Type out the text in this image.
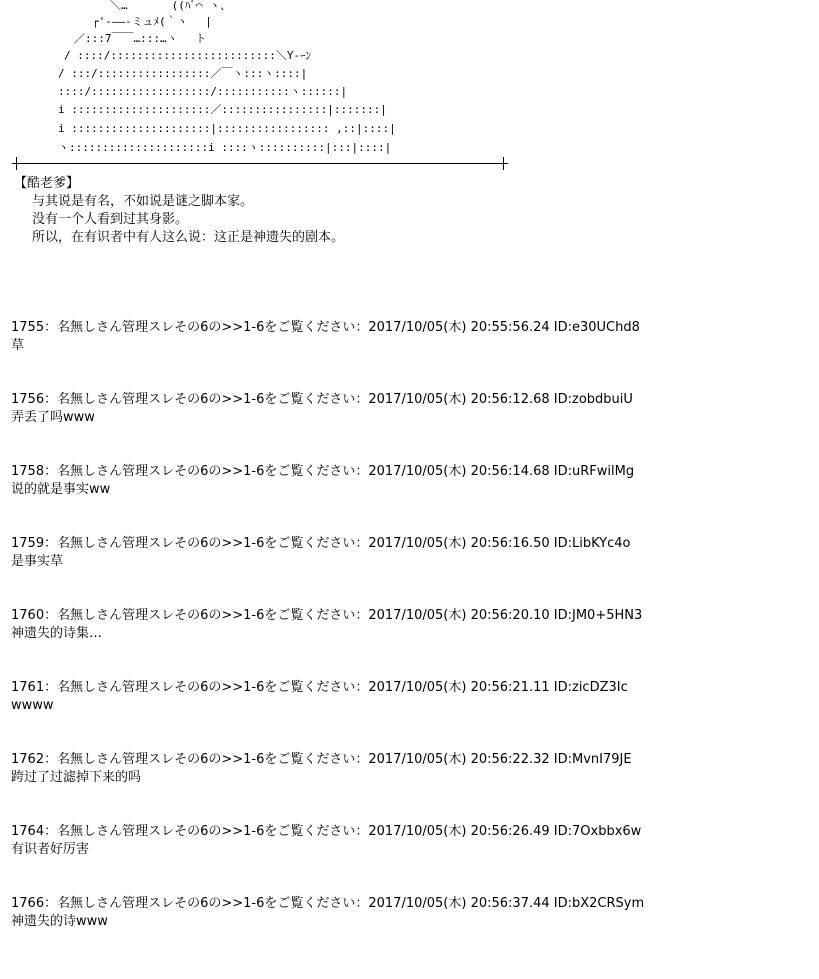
＼…　　　　((ﾊﾞ⌒ ヽ、
┌'‐――‐ミュﾒ(｀ヽ　 |
／:::7￣￣…:::…ヽ　 ト
/ ::::/:::::::::::::::::::::::::＼Y‐ｰﾝ
/ :::/:::::::::::::::::／￣ヽ:::ヽ::::|
::::/::::::::::::::::::/:::::::::::ヽ::::::|
i :::::::::::::::::::::／::::::::::::::::|:::::::|
i :::::::::::::::::::::|::::::::::::::::: ,::|::::|
ヽ:::::::::::::::::::::i ::::ヽ::::::::::|:::|::::|
【酷老爹】
与其说是有名，不如说是谜之脚本家。
没有一个人看到过其身影。
所以，在有识者中有人这么说：这正是神遗失的剧本。
1755：名無しさん管理スレその6の>>1-6をご覧ください：2017/10/05(木) 20:55:56.24 ID:e30UChd8
草
1756：名無しさん管理スレその6の>>1-6をご覧ください：2017/10/05(木) 20:56:12.68 ID:zobdbuiU
弄丢了吗www
1758：名無しさん管理スレその6の>>1-6をご覧ください：2017/10/05(木) 20:56:14.68 ID:uRFwilMg
说的就是事实ww
1759：名無しさん管理スレその6の>>1-6をご覧ください：2017/10/05(木) 20:56:16.50 ID:LibKYc4o
是事实草
1760：名無しさん管理スレその6の>>1-6をご覧ください：2017/10/05(木) 20:56:20.10 ID:JM0+5HN3
神遗失的诗集…
1761：名無しさん管理スレその6の>>1-6をご覧ください：2017/10/05(木) 20:56:21.11 ID:zicDZ3Ic
wwww
1762：名無しさん管理スレその6の>>1-6をご覧ください：2017/10/05(木) 20:56:22.32 ID:MvnI79JE
跨过了过滤掉下来的吗
1764：名無しさん管理スレその6の>>1-6をご覧ください：2017/10/05(木) 20:56:26.49 ID:7Oxbbx6w
有识者好厉害
1766：名無しさん管理スレその6の>>1-6をご覧ください：2017/10/05(木) 20:56:37.44 ID:bX2CRSym
神遗失的诗www
